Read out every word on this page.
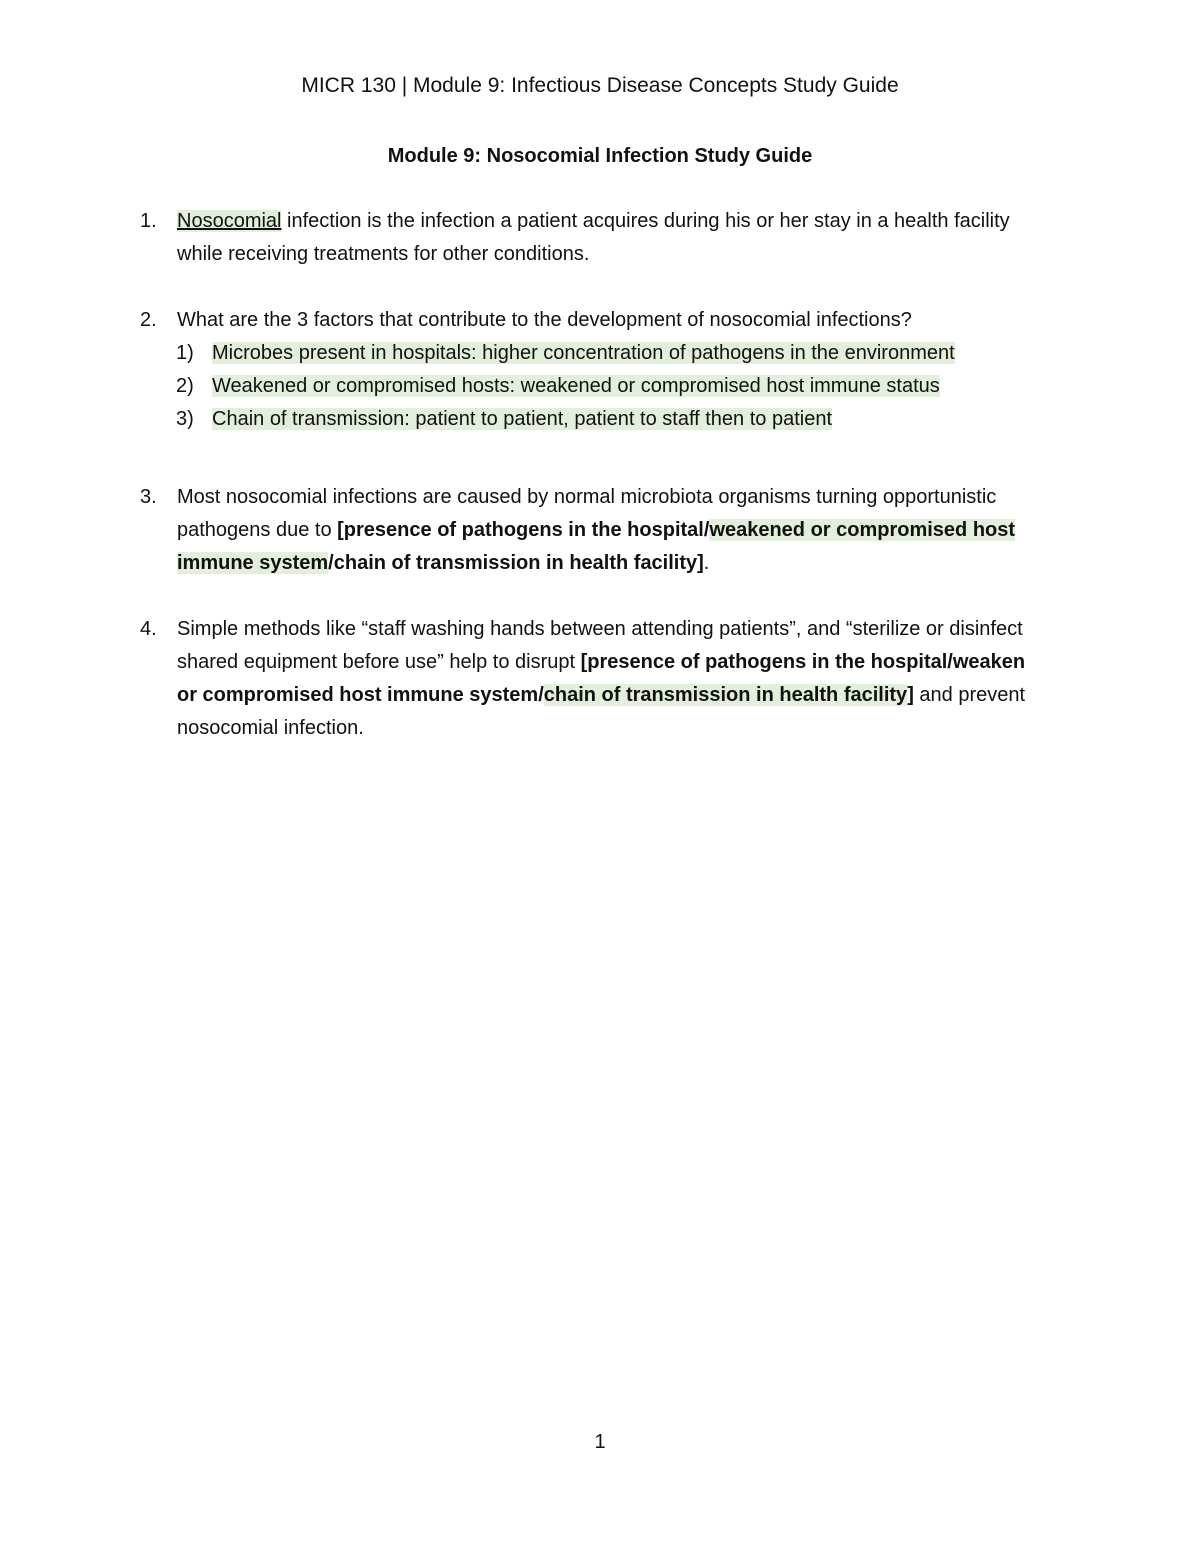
MICR 130 | Module 9: Infectious Disease Concepts Study Guide
Module 9: Nosocomial Infection Study Guide
1.	Nosocomial infection is the infection a patient acquires during his or her stay in a health facility while receiving treatments for other conditions.
2.	What are the 3 factors that contribute to the development of nosocomial infections?
1) Microbes present in hospitals: higher concentration of pathogens in the environment
2) Weakened or compromised hosts: weakened or compromised host immune status
3) Chain of transmission: patient to patient, patient to staff then to patient
3.	Most nosocomial infections are caused by normal microbiota organisms turning opportunistic pathogens due to [presence of pathogens in the hospital/weakened or compromised host immune system/chain of transmission in health facility].
4.	Simple methods like “staff washing hands between attending patients”, and “sterilize or disinfect shared equipment before use” help to disrupt [presence of pathogens in the hospital/weaken or compromised host immune system/chain of transmission in health facility] and prevent nosocomial infection.
1
